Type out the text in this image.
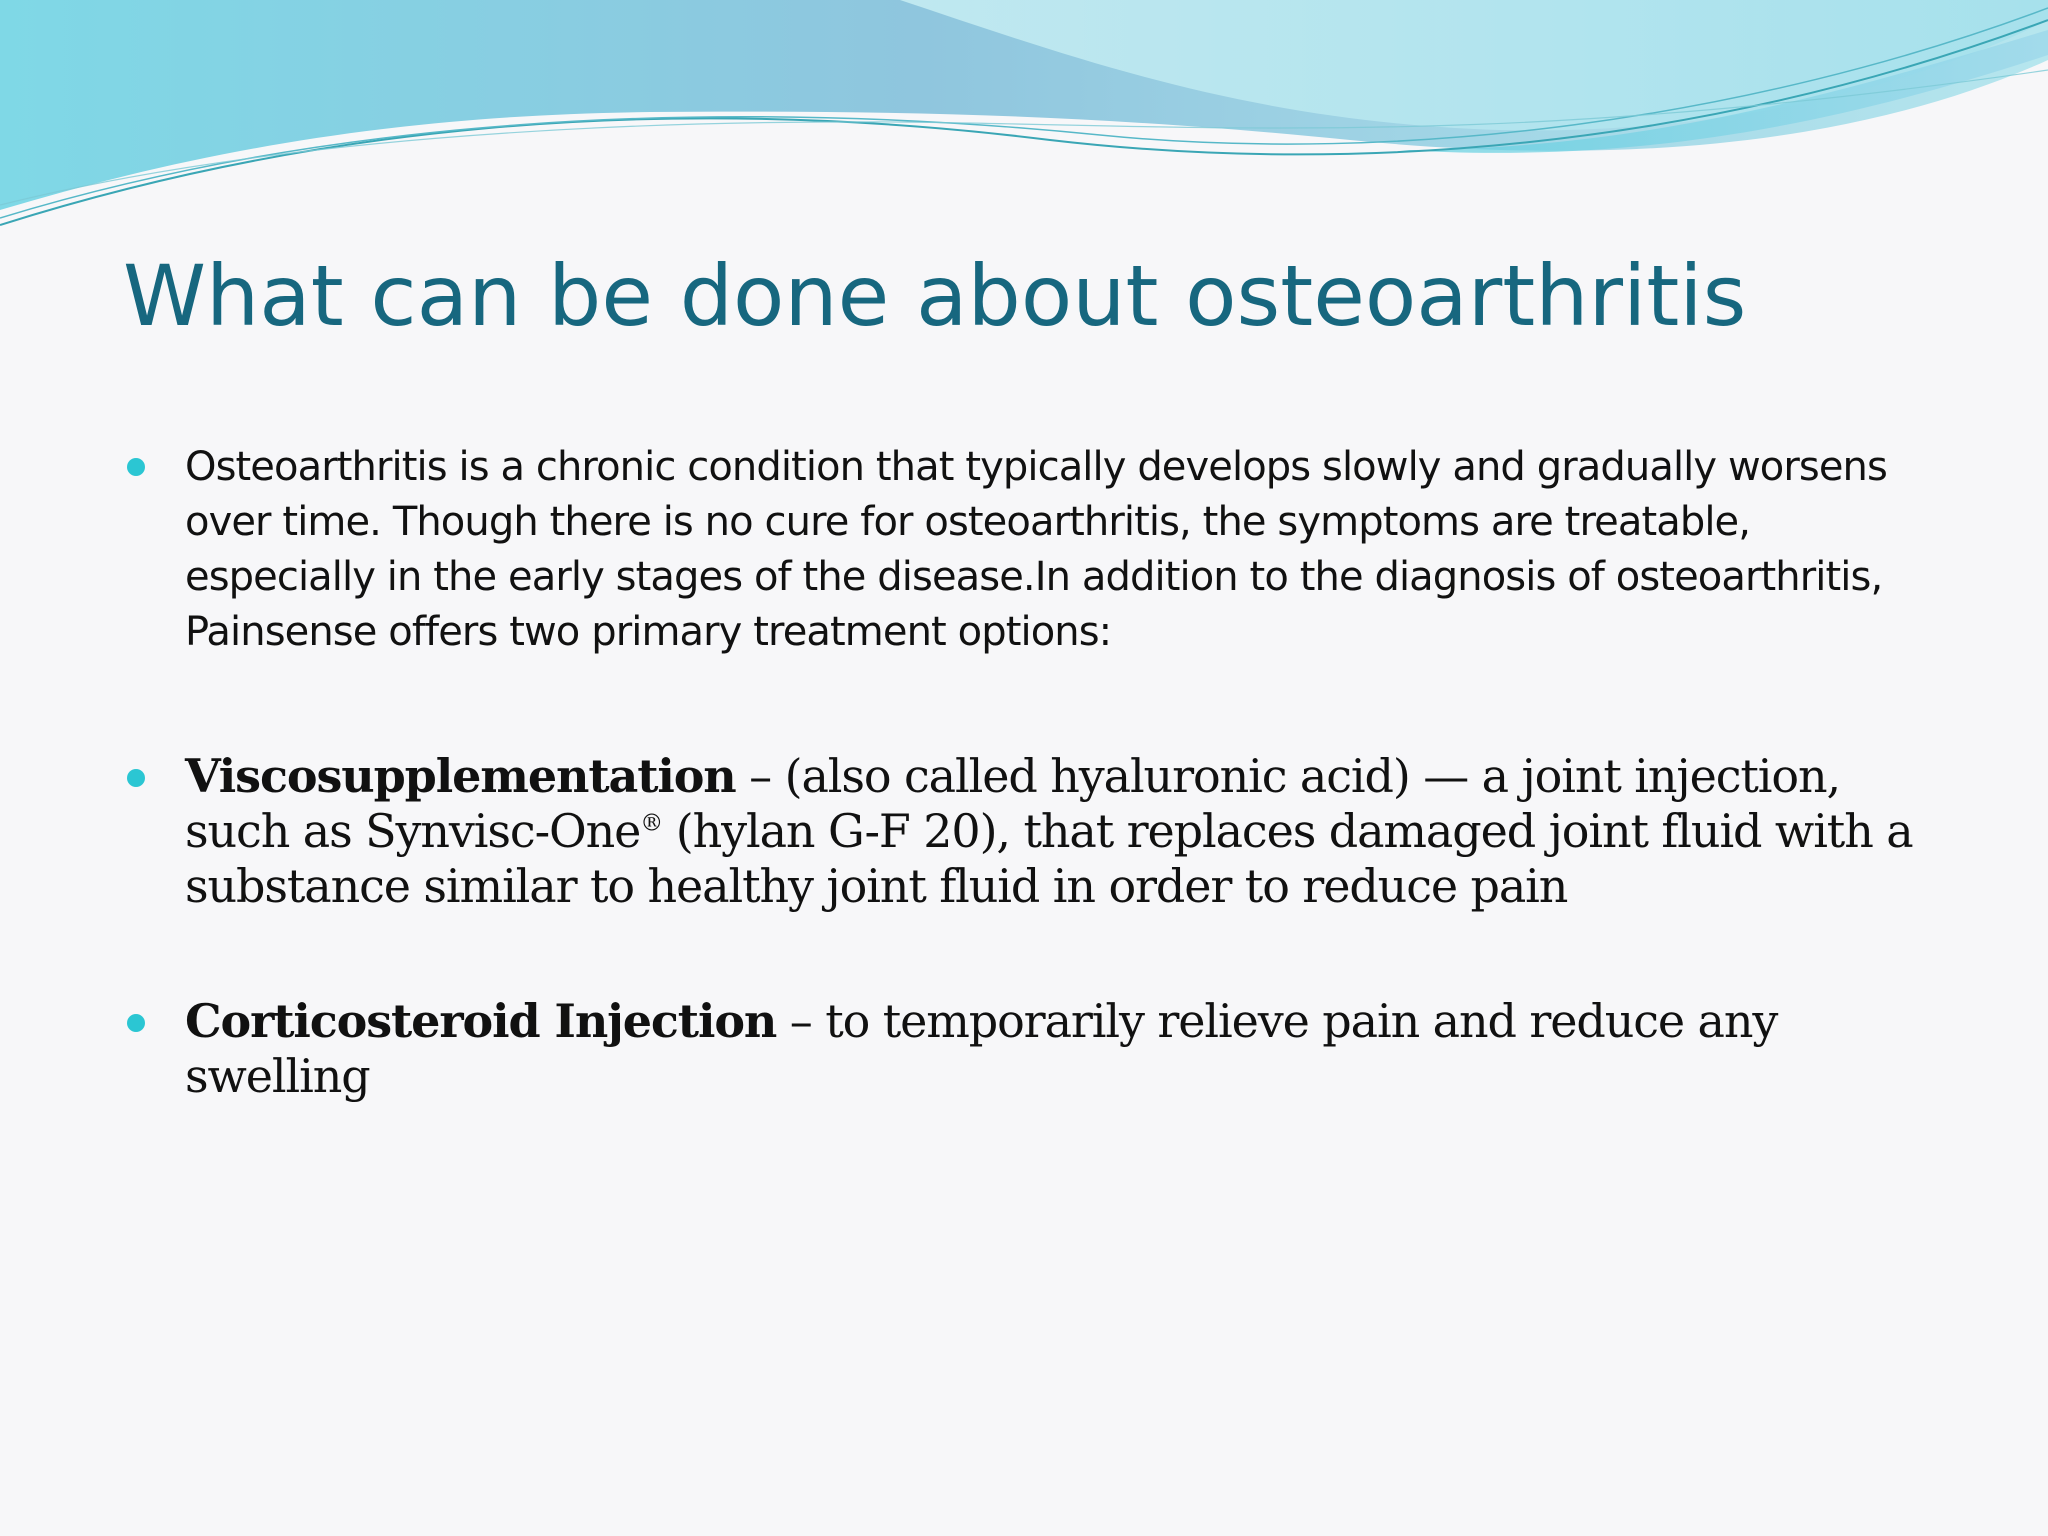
What can be done about osteoarthritis
Osteoarthritis is a chronic condition that typically develops slowly and gradually worsens over time. Though there is no cure for osteoarthritis, the symptoms are treatable, especially in the early stages of the disease.In addition to the diagnosis of osteoarthritis, Painsense offers two primary treatment options:
Viscosupplementation – (also called hyaluronic acid) — a joint injection, such as Synvisc-One® (hylan G-F 20), that replaces damaged joint fluid with a substance similar to healthy joint fluid in order to reduce pain
Corticosteroid Injection – to temporarily relieve pain and reduce any swelling
